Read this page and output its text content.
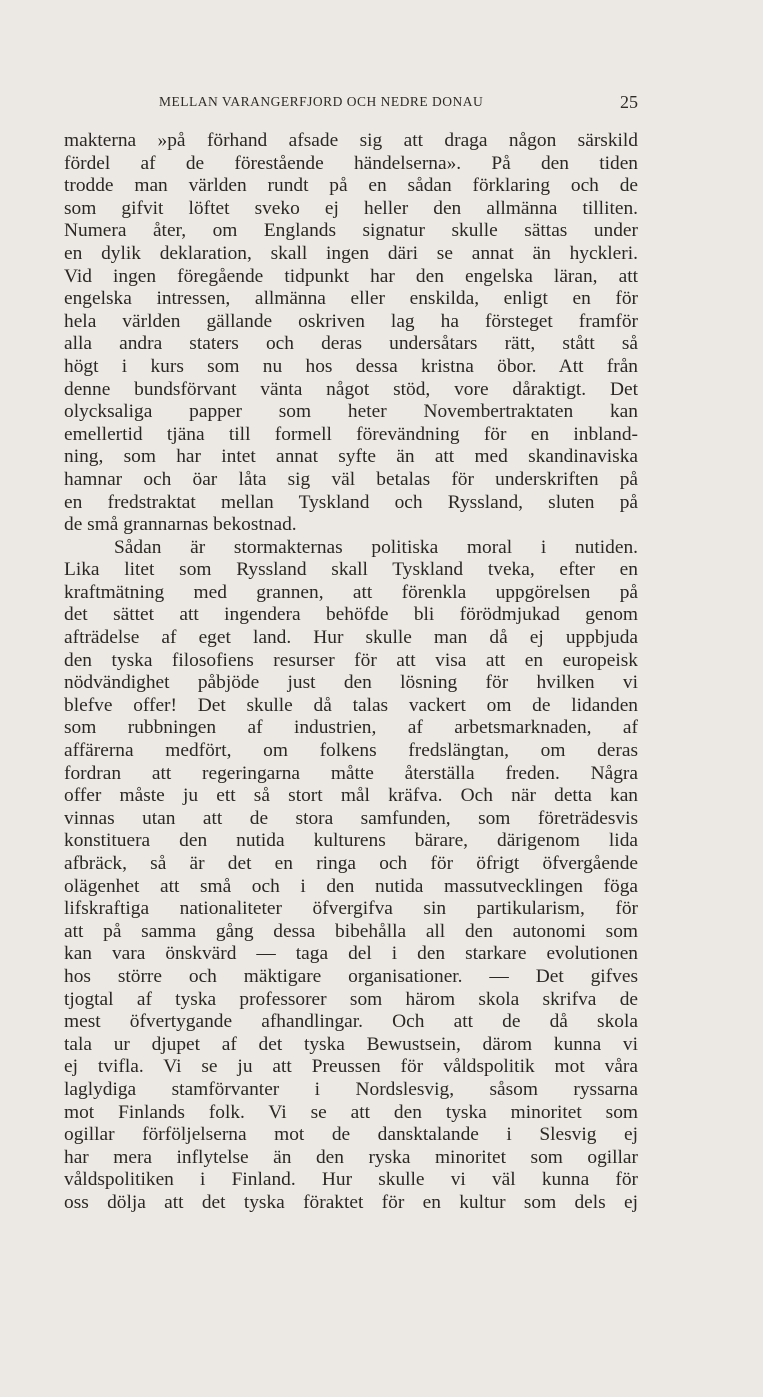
MELLAN VARANGERFJORD OCH NEDRE DONAU	25
makterna »på förhand afsade sig att draga någon särskild
fördel af de förestående händelserna». På den tiden
trodde man världen rundt på en sådan förklaring och de
som gifvit löftet sveko ej heller den allmänna tilliten.
Numera åter, om Englands signatur skulle sättas under
en dylik deklaration, skall ingen däri se annat än hyckleri.
Vid ingen föregående tidpunkt har den engelska läran, att
engelska intressen, allmänna eller enskilda, enligt en för
hela världen gällande oskriven lag ha försteget framför
alla andra staters och deras undersåtars rätt, stått så
högt i kurs som nu hos dessa kristna öbor. Att från
denne bundsförvant vänta något stöd, vore dåraktigt. Det
olycksaliga papper som heter Novembertraktaten kan
emellertid tjäna till formell förevändning för en inbland-
ning, som har intet annat syfte än att med skandinaviska
hamnar och öar låta sig väl betalas för underskriften på
en fredstraktat mellan Tyskland och Ryssland, sluten på
de små grannarnas bekostnad.
Sådan är stormakternas politiska moral i nutiden.
Lika litet som Ryssland skall Tyskland tveka, efter en
kraftmätning med grannen, att förenkla uppgörelsen på
det sättet att ingendera behöfde bli förödmjukad genom
afträdelse af eget land. Hur skulle man då ej uppbjuda
den tyska filosofiens resurser för att visa att en europeisk
nödvändighet påbjöde just den lösning för hvilken vi
blefve offer! Det skulle då talas vackert om de lidanden
som rubbningen af industrien, af arbetsmarknaden, af
affärerna medfört, om folkens fredslängtan, om deras
fordran att regeringarna måtte återställa freden. Några
offer måste ju ett så stort mål kräfva. Och när detta kan
vinnas utan att de stora samfunden, som företrädesvis
konstituera den nutida kulturens bärare, därigenom lida
afbräck, så är det en ringa och för öfrigt öfvergående
olägenhet att små och i den nutida massutvecklingen föga
lifskraftiga nationaliteter öfvergifva sin partikularism, för
att på samma gång dessa bibehålla all den autonomi som
kan vara önskvärd — taga del i den starkare evolutionen
hos större och mäktigare organisationer. — Det gifves
tjogtal af tyska professorer som härom skola skrifva de
mest öfvertygande afhandlingar. Och att de då skola
tala ur djupet af det tyska Bewustsein, därom kunna vi
ej tvifla. Vi se ju att Preussen för våldspolitik mot våra
laglydiga stamförvanter i Nordslesvig, såsom ryssarna
mot Finlands folk. Vi se att den tyska minoritet som
ogillar förföljelserna mot de dansktalande i Slesvig ej
har mera inflytelse än den ryska minoritet som ogillar
våldspolitiken i Finland. Hur skulle vi väl kunna för
oss dölja att det tyska föraktet för en kultur som dels ej
